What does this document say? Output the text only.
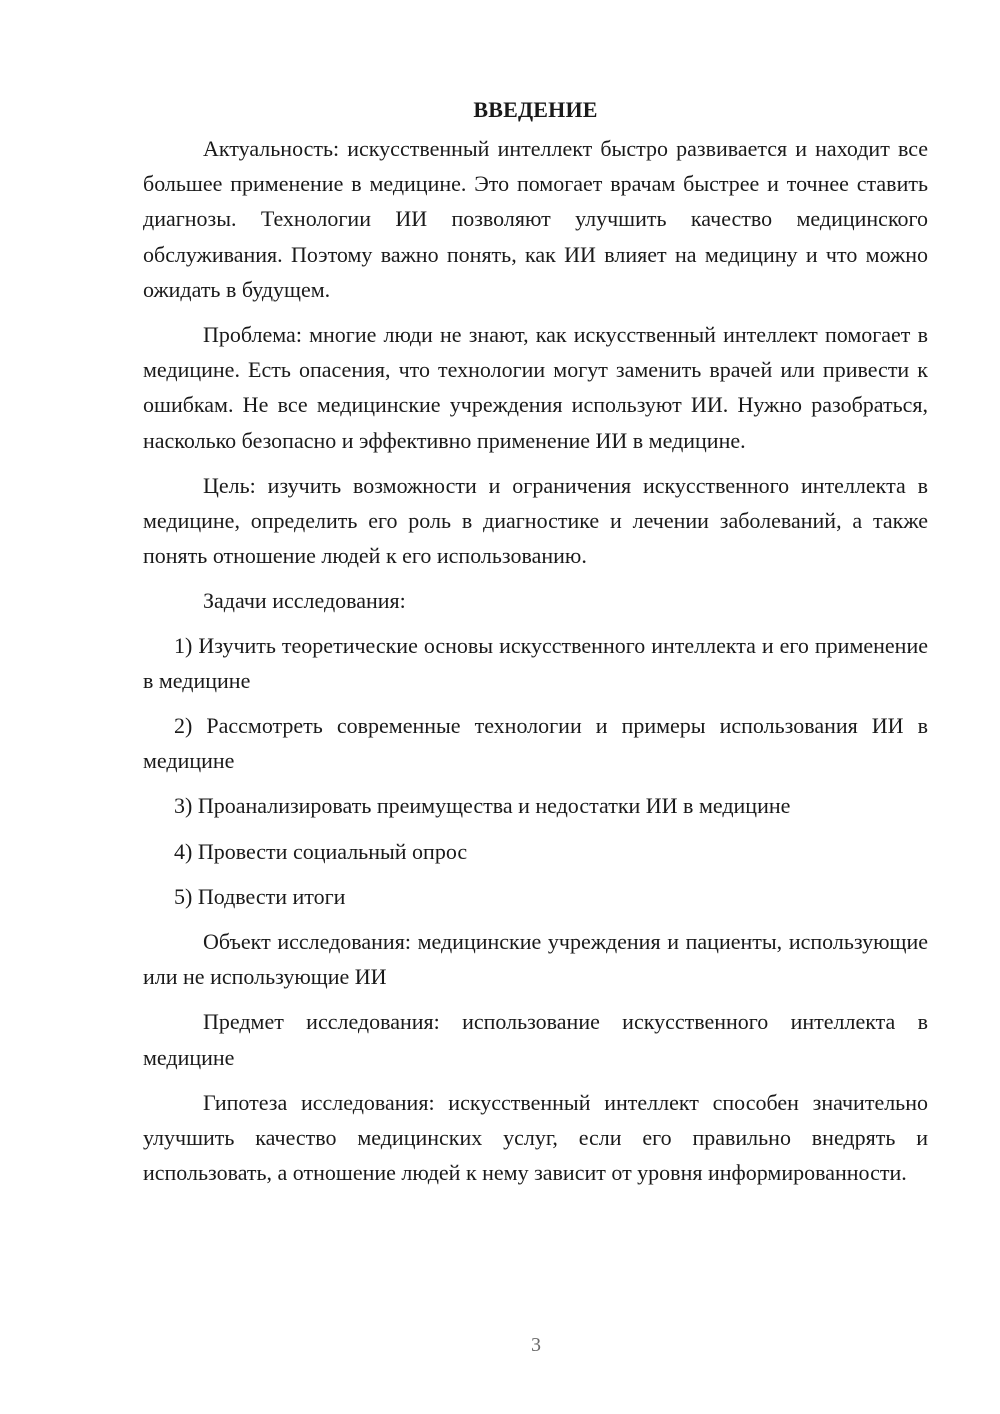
ВВЕДЕНИЕ

Актуальность: искусственный интеллект быстро развивается и находит все большее применение в медицине. Это помогает врачам быстрее и точнее ставить диагнозы. Технологии ИИ позволяют улучшить качество медицинского обслуживания. Поэтому важно понять, как ИИ влияет на медицину и что можно ожидать в будущем.

Проблема: многие люди не знают, как искусственный интеллект помогает в медицине. Есть опасения, что технологии могут заменить врачей или привести к ошибкам. Не все медицинские учреждения используют ИИ. Нужно разобраться, насколько безопасно и эффективно применение ИИ в медицине.

Цель: изучить возможности и ограничения искусственного интеллекта в медицине, определить его роль в диагностике и лечении заболеваний, а также понять отношение людей к его использованию.

Задачи исследования:

1) Изучить теоретические основы искусственного интеллекта и его применение в медицине

2) Рассмотреть современные технологии и примеры использования ИИ в медицине

3) Проанализировать преимущества и недостатки ИИ в медицине

4) Провести социальный опрос

5) Подвести итоги

Объект исследования: медицинские учреждения и пациенты, использующие или не использующие ИИ

Предмет исследования: использование искусственного интеллекта в медицине

Гипотеза исследования: искусственный интеллект способен значительно улучшить качество медицинских услуг, если его правильно внедрять и использовать, а отношение людей к нему зависит от уровня информированности.

3
